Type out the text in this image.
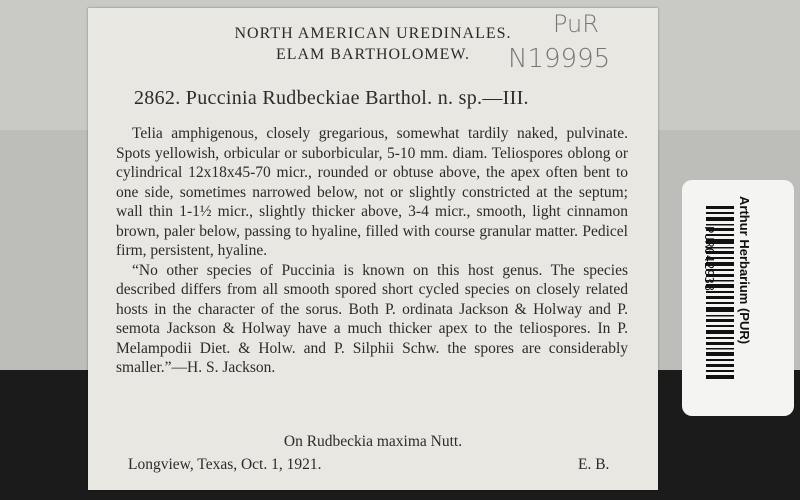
NORTH AMERICAN UREDINALES.
ELAM BARTHOLOMEW.
PuR
N19995
2862. Puccinia Rudbeckiae Barthol. n. sp.—III.

Telia amphigenous, closely gregarious, somewhat tardily naked, pulvinate. Spots yellowish, orbicular or suborbicular, 5-10 mm. diam. Teliospores oblong or cylindrical 12x18x45-70 micr., rounded or obtuse above, the apex often bent to one side, sometimes narrowed below, not or slightly constricted at the septum; wall thin 1-1½ micr., slightly thicker above, 3-4 micr., smooth, light cinnamon brown, paler below, passing to hyaline, filled with course granular matter. Pedicel firm, persistent, hyaline.

“No other species of Puccinia is known on this host genus. The species described differs from all smooth spored short cycled species on closely related hosts in the character of the sorus. Both P. ordinata Jackson & Holway and P. semota Jackson & Holway have a much thicker apex to the teliospores. In P. Melampodii Diet. & Holw. and P. Silphii Schw. the spores are considerably smaller.”—H. S. Jackson.

On Rudbeckia maxima Nutt.
Longview, Texas, Oct. 1, 1921.	E. B.
Arthur Herbarium (PUR)
PUR042938
